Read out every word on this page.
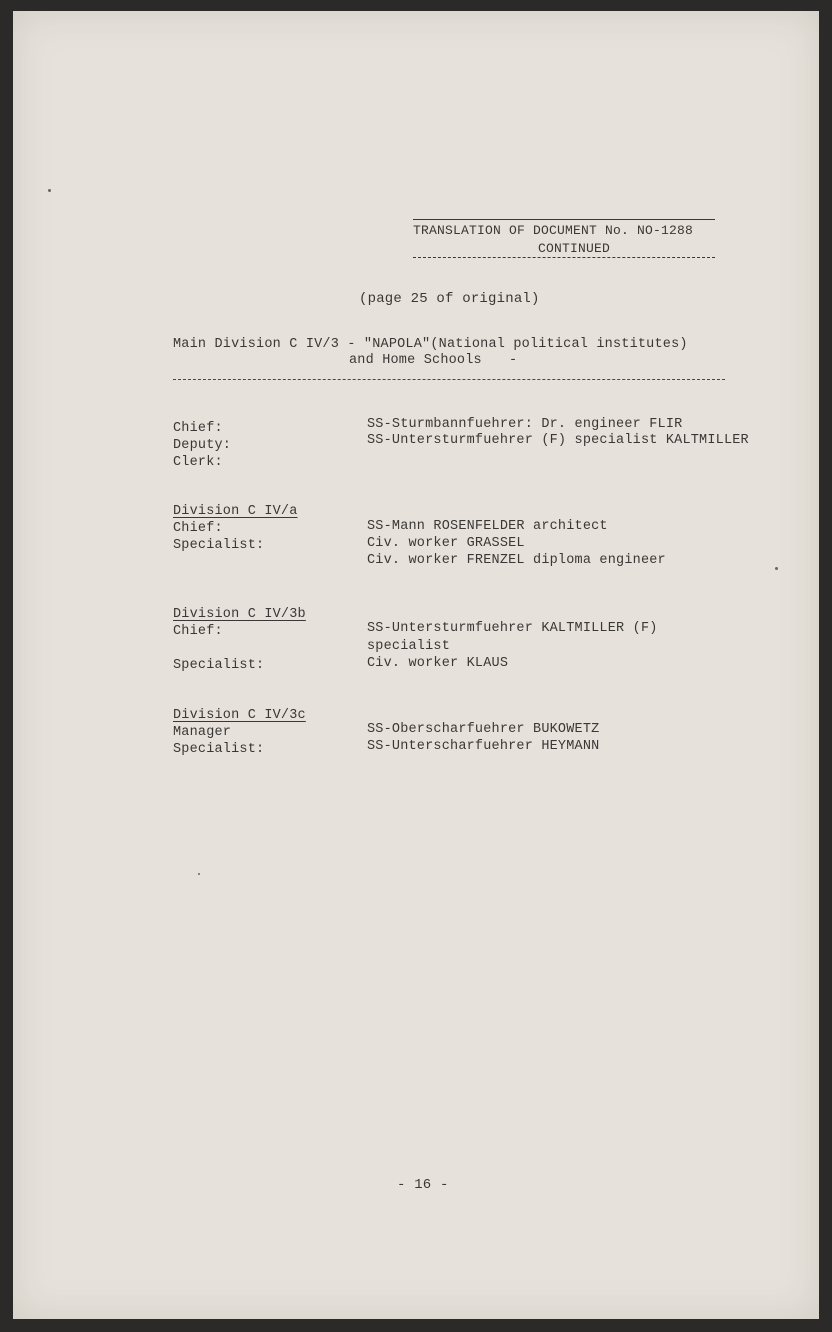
TRANSLATION OF DOCUMENT No. NO-1288
CONTINUED
(page 25 of original)
Main Division C IV/3 - "NAPOLA"(National political institutes)
and Home Schools -
Chief:	SS-Sturmbannfuehrer: Dr. engineer FLIR
Deputy:	SS-Untersturmfuehrer (F) specialist KALTMILLER
Clerk:
Division C IV/a
Chief:	SS-Mann ROSENFELDER architect
Specialist:	Civ. worker GRASSEL
Civ. worker FRENZEL diploma engineer
Division C IV/3b
Chief:	SS-Untersturmfuehrer KALTMILLER (F)
specialist
Specialist:	Civ. worker KLAUS
Division C IV/3c
Manager	SS-Oberscharfuehrer BUKOWETZ
Specialist:	SS-Unterscharfuehrer HEYMANN
- 16 -
